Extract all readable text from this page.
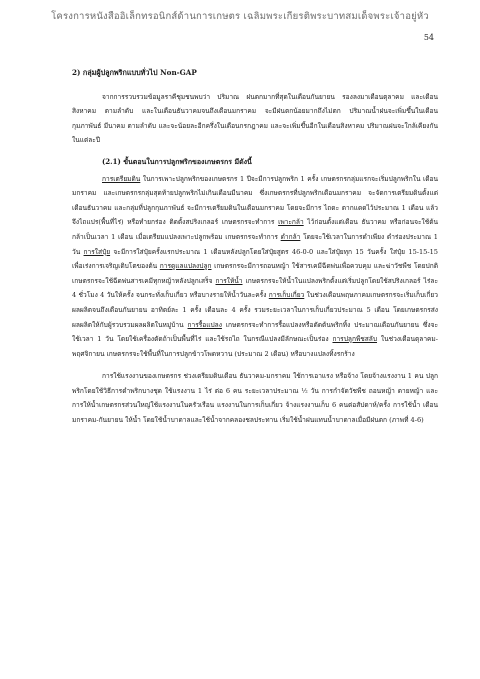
โครงการหนังสืออิเล็กทรอนิกส์ด้านการเกษตร เฉลิมพระเกียรติพระบาทสมเด็จพระเจ้าอยู่หัว
54

2) กลุ่มผู้ปลูกพริกแบบทั่วไป Non-GAP

จากการรวบรวมข้อมูลราคีชุมชนพบว่า ปริมาณ ฝนตกมากที่สุดในเดือนกันยายน รองลงมาเดือนตุลาคม และเดือนสิงหาคม ตามลำดับ และในเดือนธันวาคมจนถึงเดือนมกราคม จะมีฝนตกน้อยมากถึงไม่ตก ปริมาณน้ำฝนจะเพิ่มขึ้นในเดือนกุมภาพันธ์ มีนาคม ตามลำดับ และจะน้อยละอีกครึ่งในเดือนกรกฎาคม และจะเพิ่มขึ้นอีกในเดือนสิงหาคม ปริมาณฝนจะใกล้เคียงกันในแต่ละปี

(2.1) ขั้นตอนในการปลูกพริกของเกษตรกร มีดังนี้

การเตรียมดิน ในการเพาะปลูกพริกของเกษตรกร 1 ปีจะมีการปลูกพริก 1 ครั้ง เกษตรกรกลุ่มแรกจะเริ่มปลูกพริกใน เดือนมกราคม และเกษตรกรกลุ่มสุดท้ายปลูกพริกไม่เกินเดือนมีนาคม ซึ่งเกษตรกรที่ปลูกพริกเดือนมกราคม จะจัดการเตรียมดินตั้งแต่เดือนธันวาคม และกลุ่มที่ปลูกกุมภาพันธ์ จะมีการเตรียมดินในเดือนมกราคม โดยจะมีการ ไถดะ ตากแดดไว้ประมาณ 1 เดือน แล้วจึงไถแปร(พื้นที่ไร่) หรือทำยกร่อง ติดตั้งสปริงเกลอร์ เกษตรกรจะทำการ เพาะกล้า ไว้ก่อนตั้งแต่เดือน ธันวาคม หรือก่อนจะใช้ต้นกล้าเป็นเวลา 1 เดือน เมื่อเตรียมแปลงเพาะปลูกพร้อม เกษตรกรจะทำการ ดำกล้า โดยจะใช้เวลาในการดำเพียง ดำร่องประมาณ 1 วัน การใส่ปุ๋ย จะมีการใส่ปุ๋ยครั้งแรกประมาณ 1 เดือนหลังปลูกโดยใส่ปุ๋ยสูตร 46-0-0 และใส่ปุ๋ยทุก 15 วันครั้ง ใส่ปุ๋ย 15-15-15 เพื่อเร่งการเจริญเติบโตของต้น การดูแลแปลงปลูก เกษตรกรจะมีการถอนหญ้า ใช้สารเคมีฉีดพ่นเพื่อควบคุม และฆ่าวัชพืช โดยปกติเกษตรกรจะใช้ฉีดพ่นสารเคมีทุกหญ้าหลังปลูกเสร็จ การให้น้ำ เกษตรกรจะให้น้ำในแปลงพริกตั้งแต่เริ่มปลูกโดยใช้สปริงเกลอร์ ไร่ละ 4 ชั่วโมง 4 วันให้ครั้ง จนกระทั่งเก็บเกี่ยว หรือบางรายให้น้ำวันละครั้ง การเก็บเกี่ยว ในช่วงเดือนพฤษภาคมเกษตรกรจะเริ่มเก็บเกี่ยวผลผลิตจนถึงเดือนกันยายน อาทิตย์ละ 1 ครั้ง เดือนละ 4 ครั้ง รวมระยะเวลาในการเก็บเกี่ยวประมาณ 5 เดือน โดยเกษตรกรส่งผลผลิตให้กับผู้รวบรวมผลผลิตในหมู่บ้าน การรื้อแปลง เกษตรกรจะทำการรื้อแปลงหรือตัดต้นพริกทิ้ง ประมาณเดือนกันยายน ซึ่งจะใช้เวลา 1 วัน โดยใช้เครื่องตัดถ้าเป็นพื้นที่ไร่ และใช้รถไถ ในกรณีแปลงมีลักษณะเป็นร่อง การปลูกพืชสลับ ในช่วงเดือนตุลาคม-พฤศจิกายน เกษตรกรจะใช้พื้นที่ในการปลูกข้าวโพดหวาน (ประมาณ 2 เดือน) หรือบางแปลงทิ้งรกร้าง

การใช้แรงงานของเกษตรกร ช่วงเตรียมดินเดือน ธันวาคม-มกราคม ใช้การเอาแรง หรือจ้าง โดยจ้างแรงงาน 1 คน ปลูกพริกโดยใช้วิธีการดำพริกบางชุด ใช้แรงงาน 1 ไร่ ต่อ 6 คน ระยะเวลาประมาณ ½ วัน การกำจัดวัชพืช ถอนหญ้า ดายหญ้า และการให้น้ำเกษตรกรส่วนใหญ่ใช้แรงงานในครัวเรือน แรงงานในการเก็บเกี่ยว จ้างแรงงานเก็บ 6 คนต่อสัปดาห์/ครั้ง การใช้น้ำ เดือนมกราคม-กันยายน ให้น้ำ โดยใช้น้ำบาดาลและใช้น้ำจากคลองชลประทาน เริ่มใช้น้ำฝนแทนน้ำบาดาลเมื่อมีฝนตก (ภาพที่ 4-6)
